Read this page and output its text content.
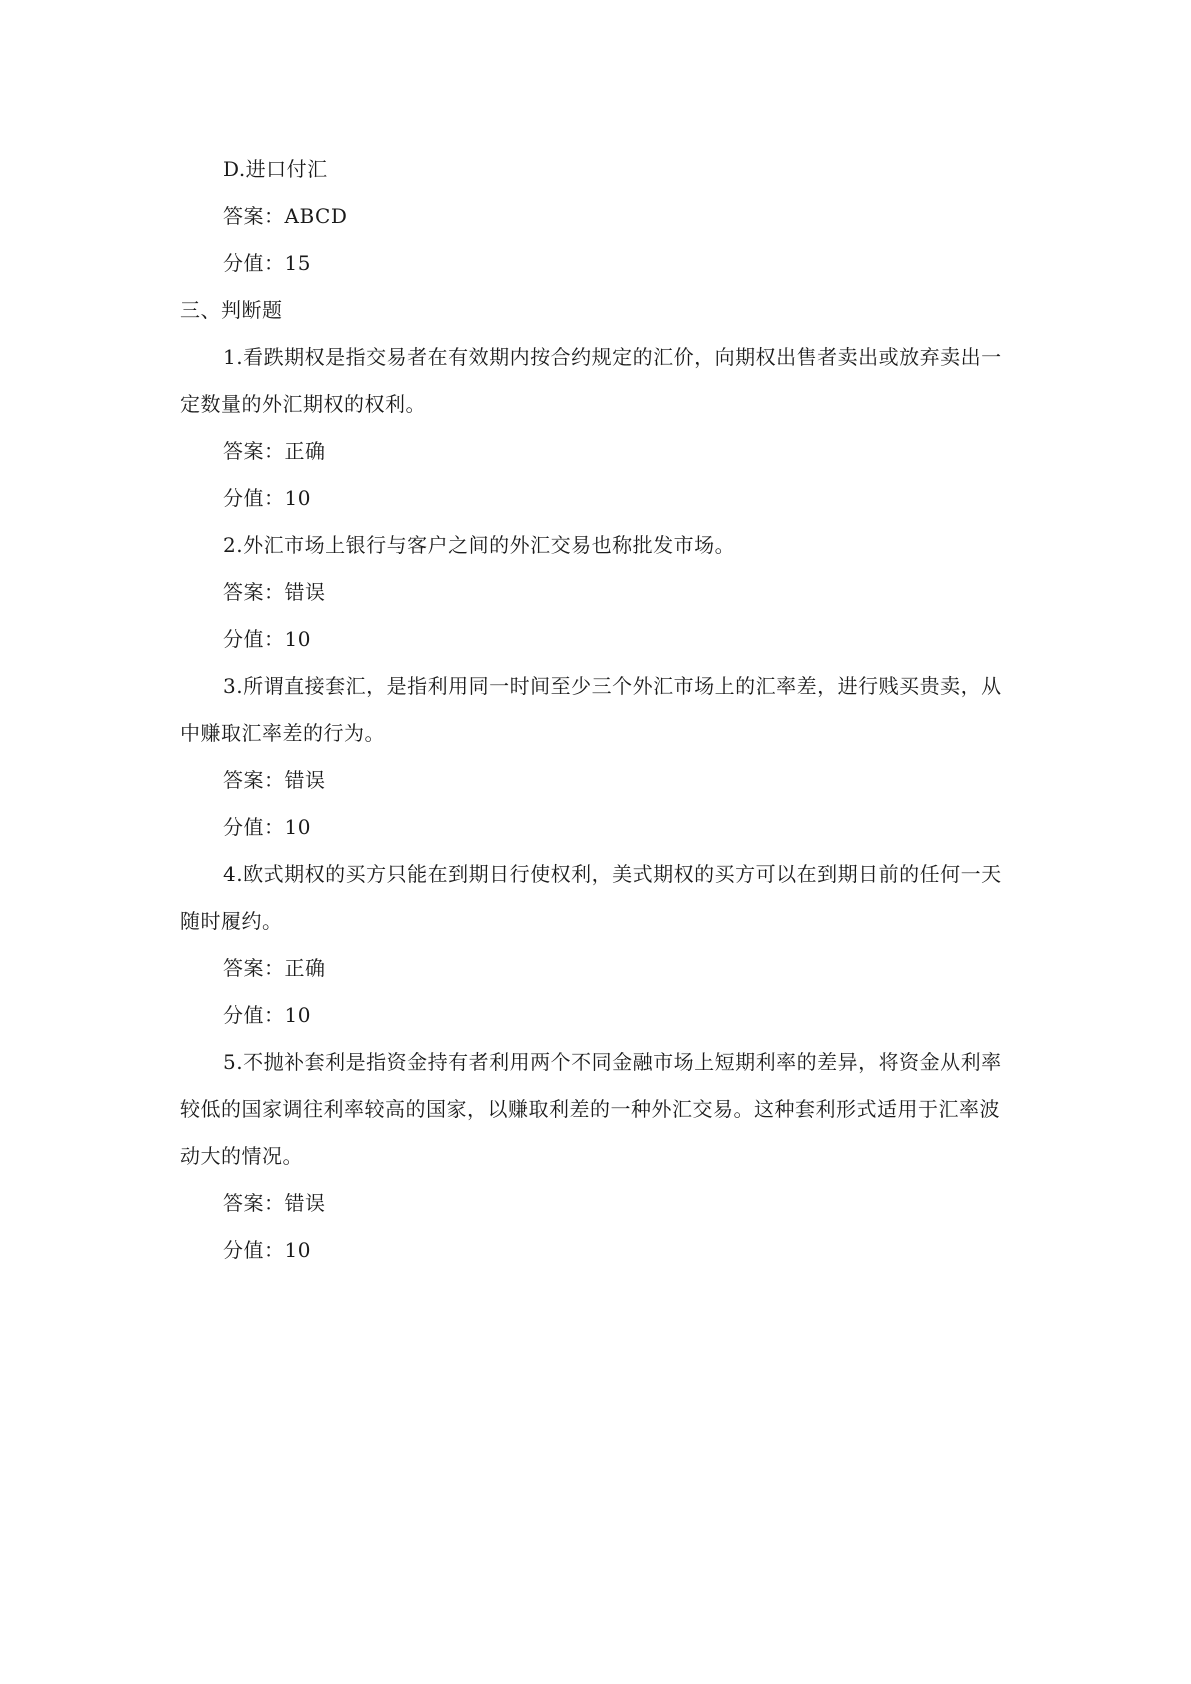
D.进口付汇
答案：ABCD
分值：15
三、判断题
1.看跌期权是指交易者在有效期内按合约规定的汇价，向期权出售者卖出或放弃卖出一
定数量的外汇期权的权利。
答案：正确
分值：10
2.外汇市场上银行与客户之间的外汇交易也称批发市场。
答案：错误
分值：10
3.所谓直接套汇，是指利用同一时间至少三个外汇市场上的汇率差，进行贱买贵卖，从
中赚取汇率差的行为。
答案：错误
分值：10
4.欧式期权的买方只能在到期日行使权利，美式期权的买方可以在到期日前的任何一天
随时履约。
答案：正确
分值：10
5.不抛补套利是指资金持有者利用两个不同金融市场上短期利率的差异，将资金从利率
较低的国家调往利率较高的国家，以赚取利差的一种外汇交易。这种套利形式适用于汇率波
动大的情况。
答案：错误
分值：10
